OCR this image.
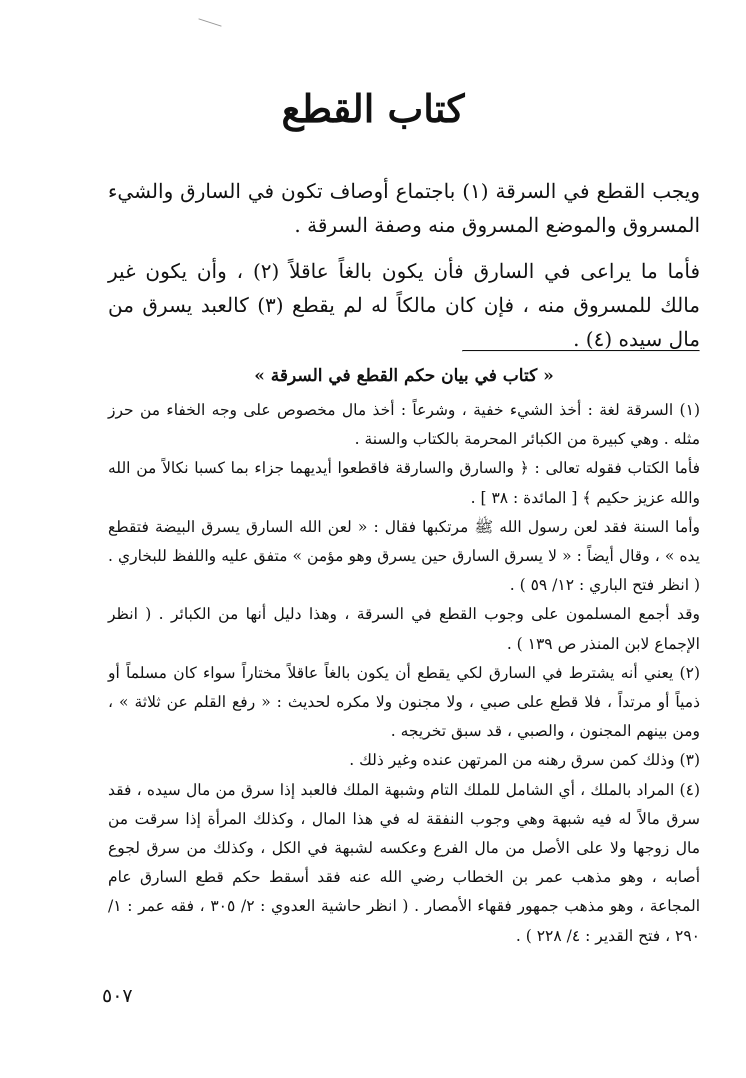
كتاب القطع

ويجب القطع في السرقة (١) باجتماع أوصاف تكون في السارق والشيء المسروق والموضع المسروق منه وصفة السرقة .

فأما ما يراعى في السارق فأن يكون بالغاً عاقلاً (٢) ، وأن يكون غير مالك للمسروق منه ، فإن كان مالكاً له لم يقطع (٣) كالعبد يسرق من مال سيده (٤) .

« كتاب في بيان حكم القطع في السرقة »

(١) السرقة لغة : أخذ الشيء خفية ، وشرعاً : أخذ مال مخصوص على وجه الخفاء من حرز مثله . وهي كبيرة من الكبائر المحرمة بالكتاب والسنة .

فأما الكتاب فقوله تعالى : ﴿ والسارق والسارقة فاقطعوا أيديهما جزاء بما كسبا نكالاً من الله والله عزيز حكيم ﴾ [ المائدة : ٣٨ ] .

وأما السنة فقد لعن رسول الله ﷺ مرتكبها فقال : « لعن الله السارق يسرق البيضة فتقطع يده » ، وقال أيضاً : « لا يسرق السارق حين يسرق وهو مؤمن » متفق عليه واللفظ للبخاري . ( انظر فتح الباري : ١٢/ ٥٩ ) .

وقد أجمع المسلمون على وجوب القطع في السرقة ، وهذا دليل أنها من الكبائر . ( انظر الإجماع لابن المنذر ص ١٣٩ ) .

(٢) يعني أنه يشترط في السارق لكي يقطع أن يكون بالغاً عاقلاً مختاراً سواء كان مسلماً أو ذمياً أو مرتداً ، فلا قطع على صبي ، ولا مجنون ولا مكره لحديث : « رفع القلم عن ثلاثة » ، ومن بينهم المجنون ، والصبي ، قد سبق تخريجه .

(٣) وذلك كمن سرق رهنه من المرتهن عنده وغير ذلك .

(٤) المراد بالملك ، أي الشامل للملك التام وشبهة الملك فالعبد إذا سرق من مال سيده ، فقد سرق مالاً له فيه شبهة وهي وجوب النفقة له في هذا المال ، وكذلك المرأة إذا سرقت من مال زوجها ولا على الأصل من مال الفرع وعكسه لشبهة في الكل ، وكذلك من سرق لجوع أصابه ، وهو مذهب عمر بن الخطاب رضي الله عنه فقد أسقط حكم قطع السارق عام المجاعة ، وهو مذهب جمهور فقهاء الأمصار . ( انظر حاشية العدوي : ٢/ ٣٠٥ ، فقه عمر : ١/ ٢٩٠ ، فتح القدير : ٤/ ٢٢٨ ) .

٥٠٧
